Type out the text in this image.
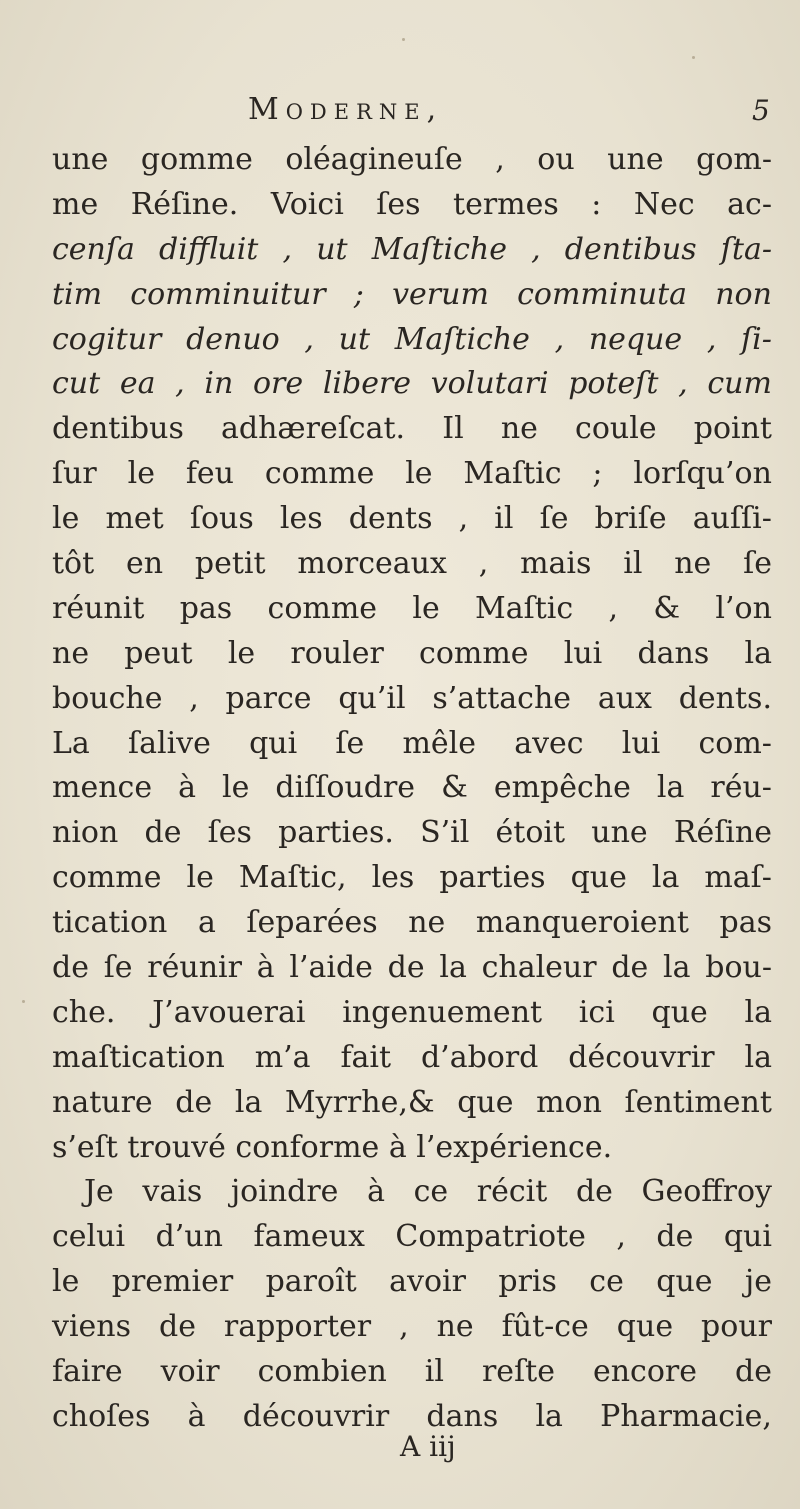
Moderne,	5
une gomme oléagineuſe , ou une gom-
me Réſine. Voici ſes termes : Nec ac-
cenſa diffluit , ut Maſtiche , dentibus ſta-
tim comminuitur ; verum comminuta non
cogitur denuo , ut Maſtiche , neque , ſi-
cut ea , in ore libere volutari poteſt , cum
dentibus adhæreſcat. Il ne coule point
ſur le feu comme le Maſtic ; lorſqu’on
le met ſous les dents , il ſe briſe auſſi-
tôt en petit morceaux , mais il ne ſe
réunit pas comme le Maſtic , & l’on
ne peut le rouler comme lui dans la
bouche , parce qu’il s’attache aux dents.
La ſalive qui ſe mêle avec lui com-
mence à le diſſoudre & empêche la réu-
nion de ſes parties. S’il étoit une Réſine
comme le Maſtic, les parties que la maſ-
tication a ſeparées ne manqueroient pas
de ſe réunir à l’aide de la chaleur de la bou-
che. J’avouerai ingenuement ici que la
maſtication m’a fait d’abord découvrir la
nature de la Myrrhe,& que mon ſentiment
s’eſt trouvé conforme à l’expérience.
Je vais joindre à ce récit de Geoffroy
celui d’un fameux Compatriote , de qui
le premier paroît avoir pris ce que je
viens de rapporter , ne fût-ce que pour
faire voir combien il reſte encore de
choſes à découvrir dans la Pharmacie,
A iij
